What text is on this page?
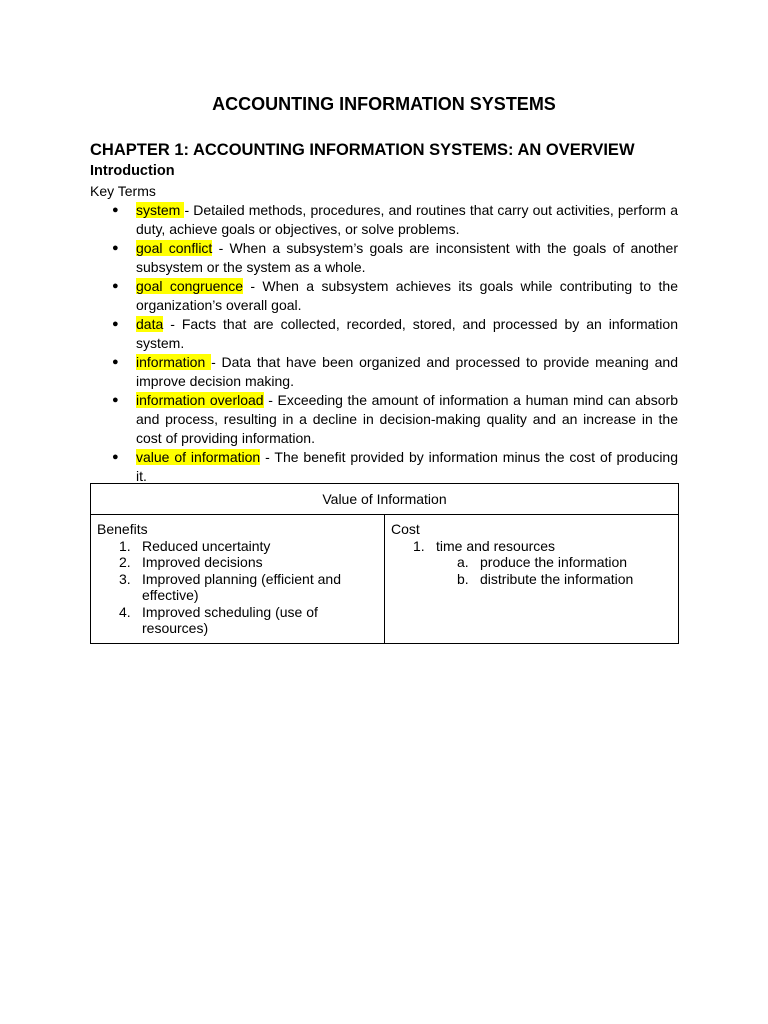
ACCOUNTING INFORMATION SYSTEMS
CHAPTER 1: ACCOUNTING INFORMATION SYSTEMS: AN OVERVIEW
Introduction
Key Terms
● system - Detailed methods, procedures, and routines that carry out activities, perform a duty, achieve goals or objectives, or solve problems.
● goal conflict - When a subsystem’s goals are inconsistent with the goals of another subsystem or the system as a whole.
● goal congruence - When a subsystem achieves its goals while contributing to the organization’s overall goal.
● data - Facts that are collected, recorded, stored, and processed by an information system.
● information - Data that have been organized and processed to provide meaning and improve decision making.
● information overload - Exceeding the amount of information a human mind can absorb and process, resulting in a decline in decision-making quality and an increase in the cost of providing information.
● value of information - The benefit provided by information minus the cost of producing it.
Value of Information

Benefits
1. Reduced uncertainty
2. Improved decisions
3. Improved planning (efficient and effective)
4. Improved scheduling (use of resources)

Cost
1. time and resources
a. produce the information
b. distribute the information
